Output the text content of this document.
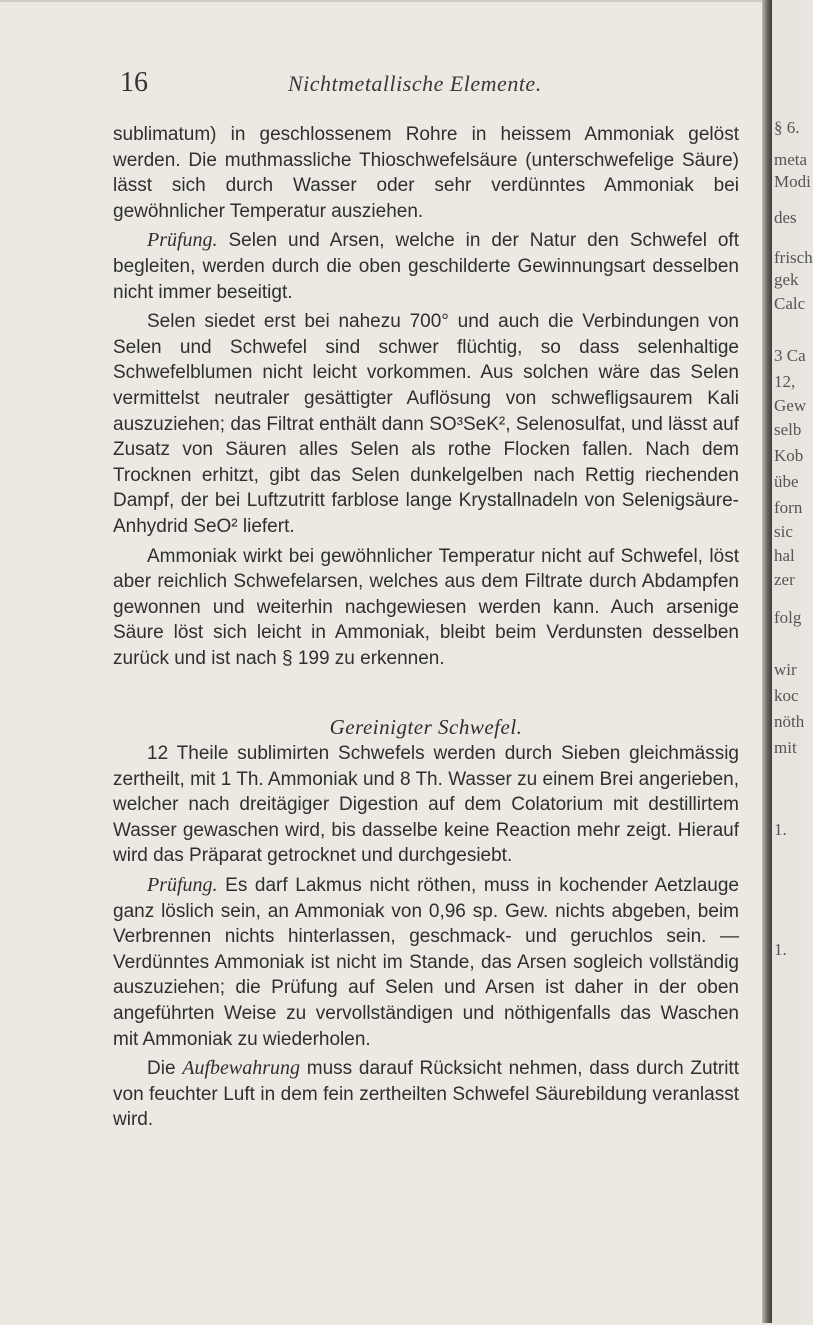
16	Nichtmetallische Elemente.

sublimatum) in geschlossenem Rohre in heissem Ammoniak gelöst werden. Die muthmassliche Thioschwefelsäure (unterschwefelige Säure) lässt sich durch Wasser oder sehr verdünntes Ammoniak bei gewöhnlicher Temperatur ausziehen.

Prüfung. Selen und Arsen, welche in der Natur den Schwefel oft begleiten, werden durch die oben geschilderte Gewinnungsart desselben nicht immer beseitigt.

Selen siedet erst bei nahezu 700° und auch die Verbindungen von Selen und Schwefel sind schwer flüchtig, so dass selenhaltige Schwefelblumen nicht leicht vorkommen. Aus solchen wäre das Selen vermittelst neutraler gesättigter Auflösung von schwefligsaurem Kali auszuziehen; das Filtrat enthält dann SO³SeK², Selenosulfat, und lässt auf Zusatz von Säuren alles Selen als rothe Flocken fallen. Nach dem Trocknen erhitzt, gibt das Selen dunkelgelben nach Rettig riechenden Dampf, der bei Luftzutritt farblose lange Krystallnadeln von Selenigsäure-Anhydrid SeO² liefert.

Ammoniak wirkt bei gewöhnlicher Temperatur nicht auf Schwefel, löst aber reichlich Schwefelarsen, welches aus dem Filtrate durch Abdampfen gewonnen und weiterhin nachgewiesen werden kann. Auch arsenige Säure löst sich leicht in Ammoniak, bleibt beim Verdunsten desselben zurück und ist nach § 199 zu erkennen.

Gereinigter Schwefel.

12 Theile sublimirten Schwefels werden durch Sieben gleichmässig zertheilt, mit 1 Th. Ammoniak und 8 Th. Wasser zu einem Brei angerieben, welcher nach dreitägiger Digestion auf dem Colatorium mit destillirtem Wasser gewaschen wird, bis dasselbe keine Reaction mehr zeigt. Hierauf wird das Präparat getrocknet und durchgesiebt.

Prüfung. Es darf Lakmus nicht röthen, muss in kochender Aetzlauge ganz löslich sein, an Ammoniak von 0,96 sp. Gew. nichts abgeben, beim Verbrennen nichts hinterlassen, geschmack- und geruchlos sein. — Verdünntes Ammoniak ist nicht im Stande, das Arsen sogleich vollständig auszuziehen; die Prüfung auf Selen und Arsen ist daher in der oben angeführten Weise zu vervollständigen und nöthigenfalls das Waschen mit Ammoniak zu wiederholen.

Die Aufbewahrung muss darauf Rücksicht nehmen, dass durch Zutritt von feuchter Luft in dem fein zertheilten Schwefel Säurebildung veranlasst wird.

§ 6.
meta
Modi
des
frisch
gek
Calc
3 Ca
12,
Gew
selb
Kob
übe
forn
sic
hal
zer
folg
wir
koc
nöth
mit
1.
1.
